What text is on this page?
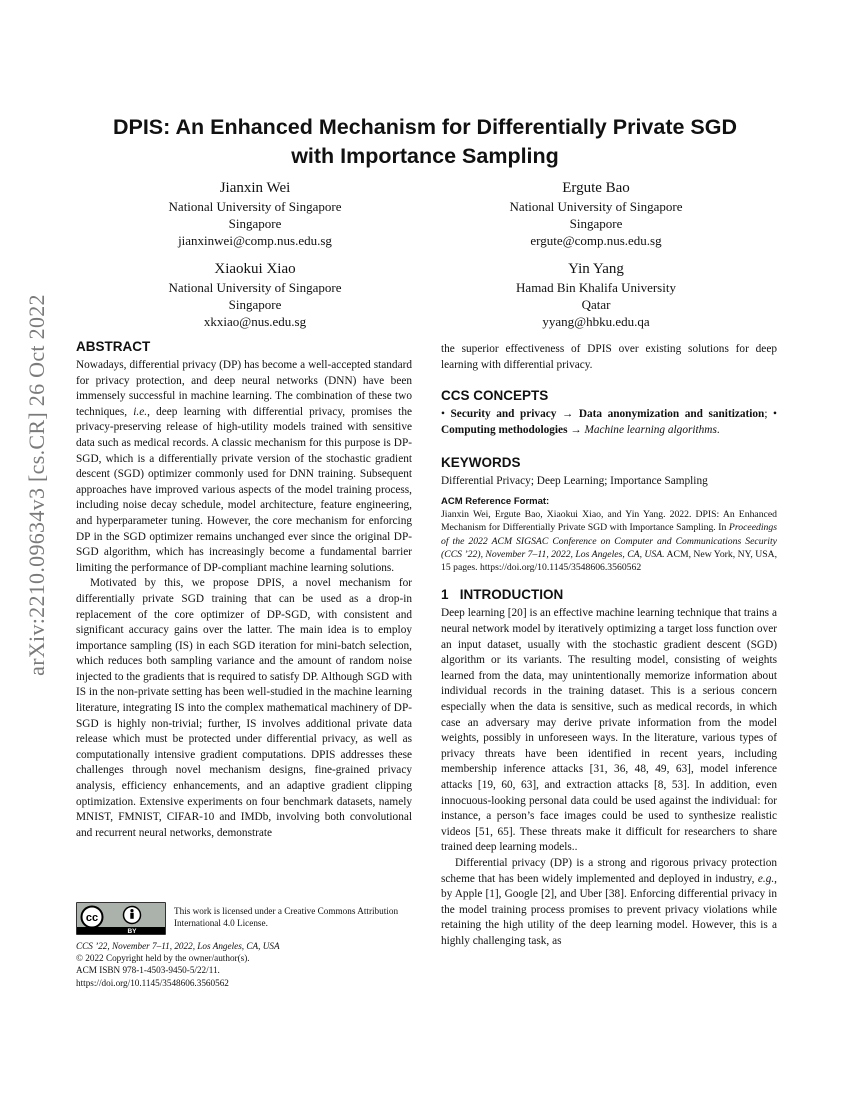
arXiv:2210.09634v3 [cs.CR] 26 Oct 2022
DPIS: An Enhanced Mechanism for Differentially Private SGD
with Importance Sampling
Jianxin Wei
National University of Singapore
Singapore
jianxinwei@comp.nus.edu.sg
Ergute Bao
National University of Singapore
Singapore
ergute@comp.nus.edu.sg
Xiaokui Xiao
National University of Singapore
Singapore
xkxiao@nus.edu.sg
Yin Yang
Hamad Bin Khalifa University
Qatar
yyang@hbku.edu.qa
ABSTRACT

Nowadays, differential privacy (DP) has become a well-accepted standard for privacy protection, and deep neural networks (DNN) have been immensely successful in machine learning. The combination of these two techniques, i.e., deep learning with differential privacy, promises the privacy-preserving release of high-utility models trained with sensitive data such as medical records. A classic mechanism for this purpose is DP-SGD, which is a differentially private version of the stochastic gradient descent (SGD) optimizer commonly used for DNN training. Subsequent approaches have improved various aspects of the model training process, including noise decay schedule, model architecture, feature engineering, and hyperparameter tuning. However, the core mechanism for enforcing DP in the SGD optimizer remains unchanged ever since the original DP-SGD algorithm, which has increasingly become a fundamental barrier limiting the performance of DP-compliant machine learning solutions.

Motivated by this, we propose DPIS, a novel mechanism for differentially private SGD training that can be used as a drop-in replacement of the core optimizer of DP-SGD, with consistent and significant accuracy gains over the latter. The main idea is to employ importance sampling (IS) in each SGD iteration for mini-batch selection, which reduces both sampling variance and the amount of random noise injected to the gradients that is required to satisfy DP. Although SGD with IS in the non-private setting has been well-studied in the machine learning literature, integrating IS into the complex mathematical machinery of DP-SGD is highly non-trivial; further, IS involves additional private data release which must be protected under differential privacy, as well as computationally intensive gradient computations. DPIS addresses these challenges through novel mechanism designs, fine-grained privacy analysis, efficiency enhancements, and an adaptive gradient clipping optimization. Extensive experiments on four benchmark datasets, namely MNIST, FMNIST, CIFAR-10 and IMDb, involving both convolutional and recurrent neural networks, demonstrate

cc
BY
This work is licensed under a Creative Commons Attribution International 4.0 License.
CCS ’22, November 7–11, 2022, Los Angeles, CA, USA
© 2022 Copyright held by the owner/author(s).
ACM ISBN 978-1-4503-9450-5/22/11.
https://doi.org/10.1145/3548606.3560562

the superior effectiveness of DPIS over existing solutions for deep learning with differential privacy.

CCS CONCEPTS

• Security and privacy → Data anonymization and sanitization; • Computing methodologies → Machine learning algorithms.

KEYWORDS

Differential Privacy; Deep Learning; Importance Sampling

ACM Reference Format:

Jianxin Wei, Ergute Bao, Xiaokui Xiao, and Yin Yang. 2022. DPIS: An Enhanced Mechanism for Differentially Private SGD with Importance Sampling. In Proceedings of the 2022 ACM SIGSAC Conference on Computer and Communications Security (CCS ’22), November 7–11, 2022, Los Angeles, CA, USA. ACM, New York, NY, USA, 15 pages. https://doi.org/10.1145/3548606.3560562

1 INTRODUCTION

Deep learning [20] is an effective machine learning technique that trains a neural network model by iteratively optimizing a target loss function over an input dataset, usually with the stochastic gradient descent (SGD) algorithm or its variants. The resulting model, consisting of weights learned from the data, may unintentionally memorize information about individual records in the training dataset. This is a serious concern especially when the data is sensitive, such as medical records, in which case an adversary may derive private information from the model weights, possibly in unforeseen ways. In the literature, various types of privacy threats have been identified in recent years, including membership inference attacks [31, 36, 48, 49, 63], model inference attacks [19, 60, 63], and extraction attacks [8, 53]. In addition, even innocuous-looking personal data could be used against the individual: for instance, a person’s face images could be used to synthesize realistic videos [51, 65]. These threats make it difficult for researchers to share trained deep learning models..

Differential privacy (DP) is a strong and rigorous privacy protection scheme that has been widely implemented and deployed in industry, e.g., by Apple [1], Google [2], and Uber [38]. Enforcing differential privacy in the model training process promises to prevent privacy violations while retaining the high utility of the deep learning model. However, this is a highly challenging task, as
